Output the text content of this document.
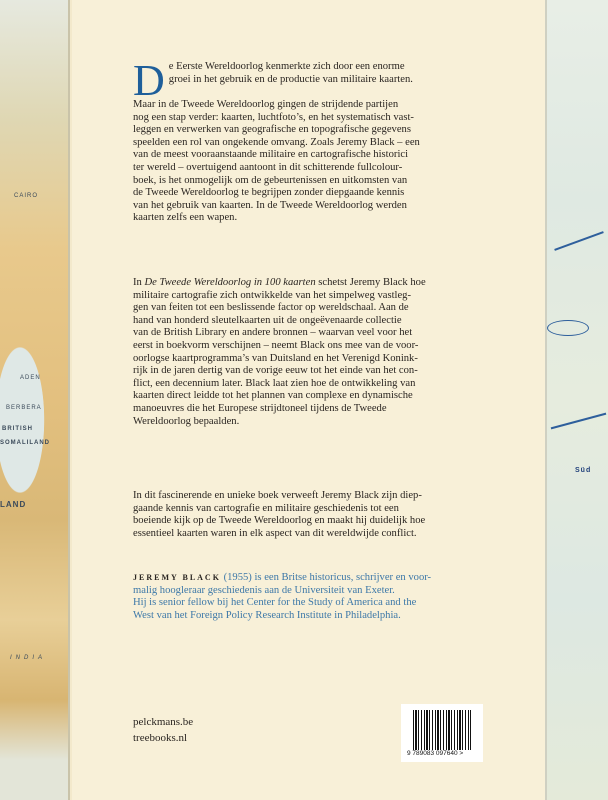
CAIRO
ADEN
BERBERA
BRITISH
SOMALILAND
LAND
INDIA
Süd
D e Eerste Wereldoorlog kenmerkte zich door een enorme
groei in het gebruik en de productie van militaire kaarten.
Maar in de Tweede Wereldoorlog gingen de strijdende partijen
nog een stap verder: kaarten, luchtfoto’s, en het systematisch vast-
leggen en verwerken van geografische en topografische gegevens
speelden een rol van ongekende omvang. Zoals Jeremy Black – een
van de meest vooraanstaande militaire en cartografische historici
ter wereld – overtuigend aantoont in dit schitterende fullcolour-
boek, is het onmogelijk om de gebeurtenissen en uitkomsten van
de Tweede Wereldoorlog te begrijpen zonder diepgaande kennis
van het gebruik van kaarten. In de Tweede Wereldoorlog werden
kaarten zelfs een wapen.
In De Tweede Wereldoorlog in 100 kaarten schetst Jeremy Black hoe
militaire cartografie zich ontwikkelde van het simpelweg vastleg-
gen van feiten tot een beslissende factor op wereldschaal. Aan de
hand van honderd sleutelkaarten uit de ongeëvenaarde collectie
van de British Library en andere bronnen – waarvan veel voor het
eerst in boekvorm verschijnen – neemt Black ons mee van de voor-
oorlogse kaartprogramma’s van Duitsland en het Verenigd Konink-
rijk in de jaren dertig van de vorige eeuw tot het einde van het con-
flict, een decennium later. Black laat zien hoe de ontwikkeling van
kaarten direct leidde tot het plannen van complexe en dynamische
manoeuvres die het Europese strijdtoneel tijdens de Tweede
Wereldoorlog bepaalden.
In dit fascinerende en unieke boek verweeft Jeremy Black zijn diep-
gaande kennis van cartografie en militaire geschiedenis tot een
boeiende kijk op de Tweede Wereldoorlog en maakt hij duidelijk hoe
essentieel kaarten waren in elk aspect van dit wereldwijde conflict.
JEREMY BLACK (1955) is een Britse historicus, schrijver en voor-
malig hoogleraar geschiedenis aan de Universiteit van Exeter.
Hij is senior fellow bij het Center for the Study of America and the
West van het Foreign Policy Research Institute in Philadelphia.
pelckmans.be
treebooks.nl
9 789083 097640 >
